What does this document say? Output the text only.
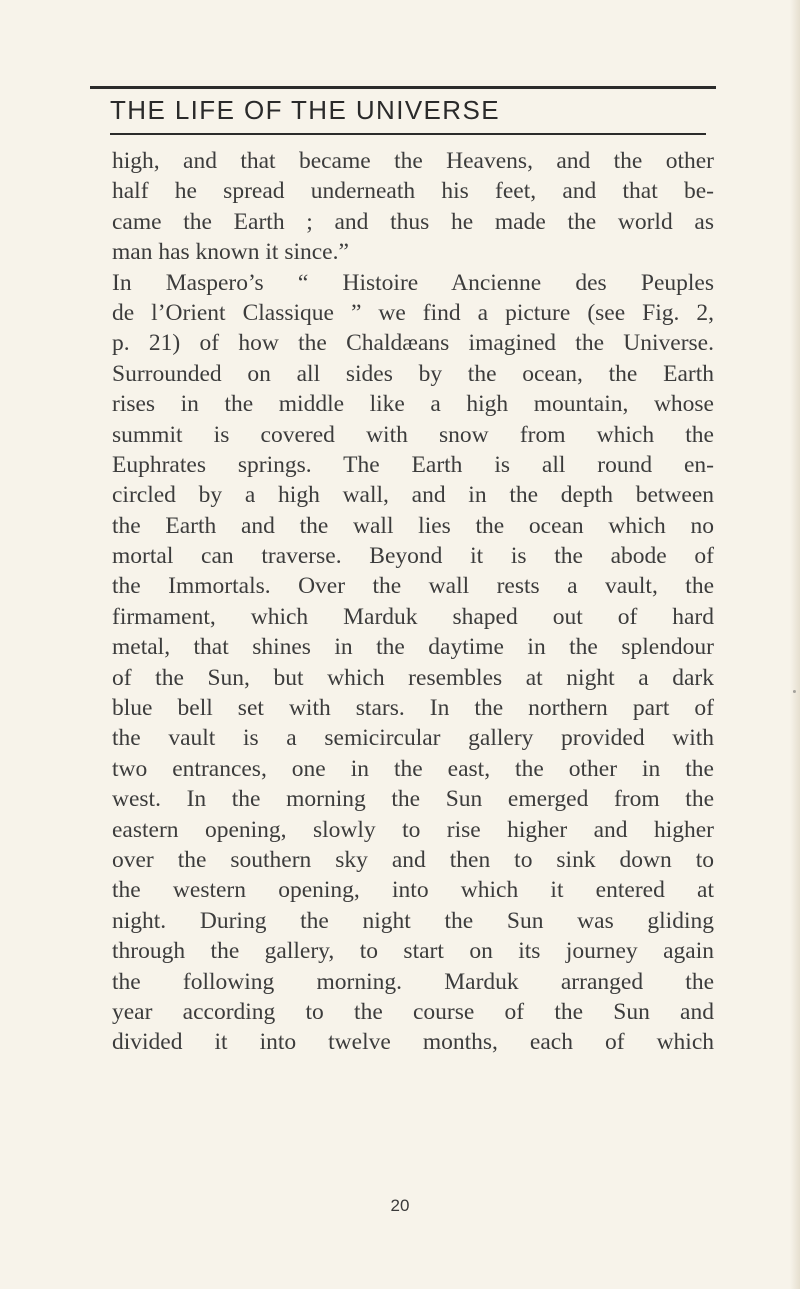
THE LIFE OF THE UNIVERSE
high, and that became the Heavens, and the other
half he spread underneath his feet, and that be-
came the Earth ; and thus he made the world as
man has known it since.”
In Maspero’s “ Histoire Ancienne des Peuples
de l’Orient Classique ” we find a picture (see Fig. 2,
p. 21) of how the Chaldæans imagined the Universe.
Surrounded on all sides by the ocean, the Earth
rises in the middle like a high mountain, whose
summit is covered with snow from which the
Euphrates springs. The Earth is all round en-
circled by a high wall, and in the depth between
the Earth and the wall lies the ocean which no
mortal can traverse. Beyond it is the abode of
the Immortals. Over the wall rests a vault, the
firmament, which Marduk shaped out of hard
metal, that shines in the daytime in the splendour
of the Sun, but which resembles at night a dark
blue bell set with stars. In the northern part of
the vault is a semicircular gallery provided with
two entrances, one in the east, the other in the
west. In the morning the Sun emerged from the
eastern opening, slowly to rise higher and higher
over the southern sky and then to sink down to
the western opening, into which it entered at
night. During the night the Sun was gliding
through the gallery, to start on its journey again
the following morning. Marduk arranged the
year according to the course of the Sun and
divided it into twelve months, each of which
20
